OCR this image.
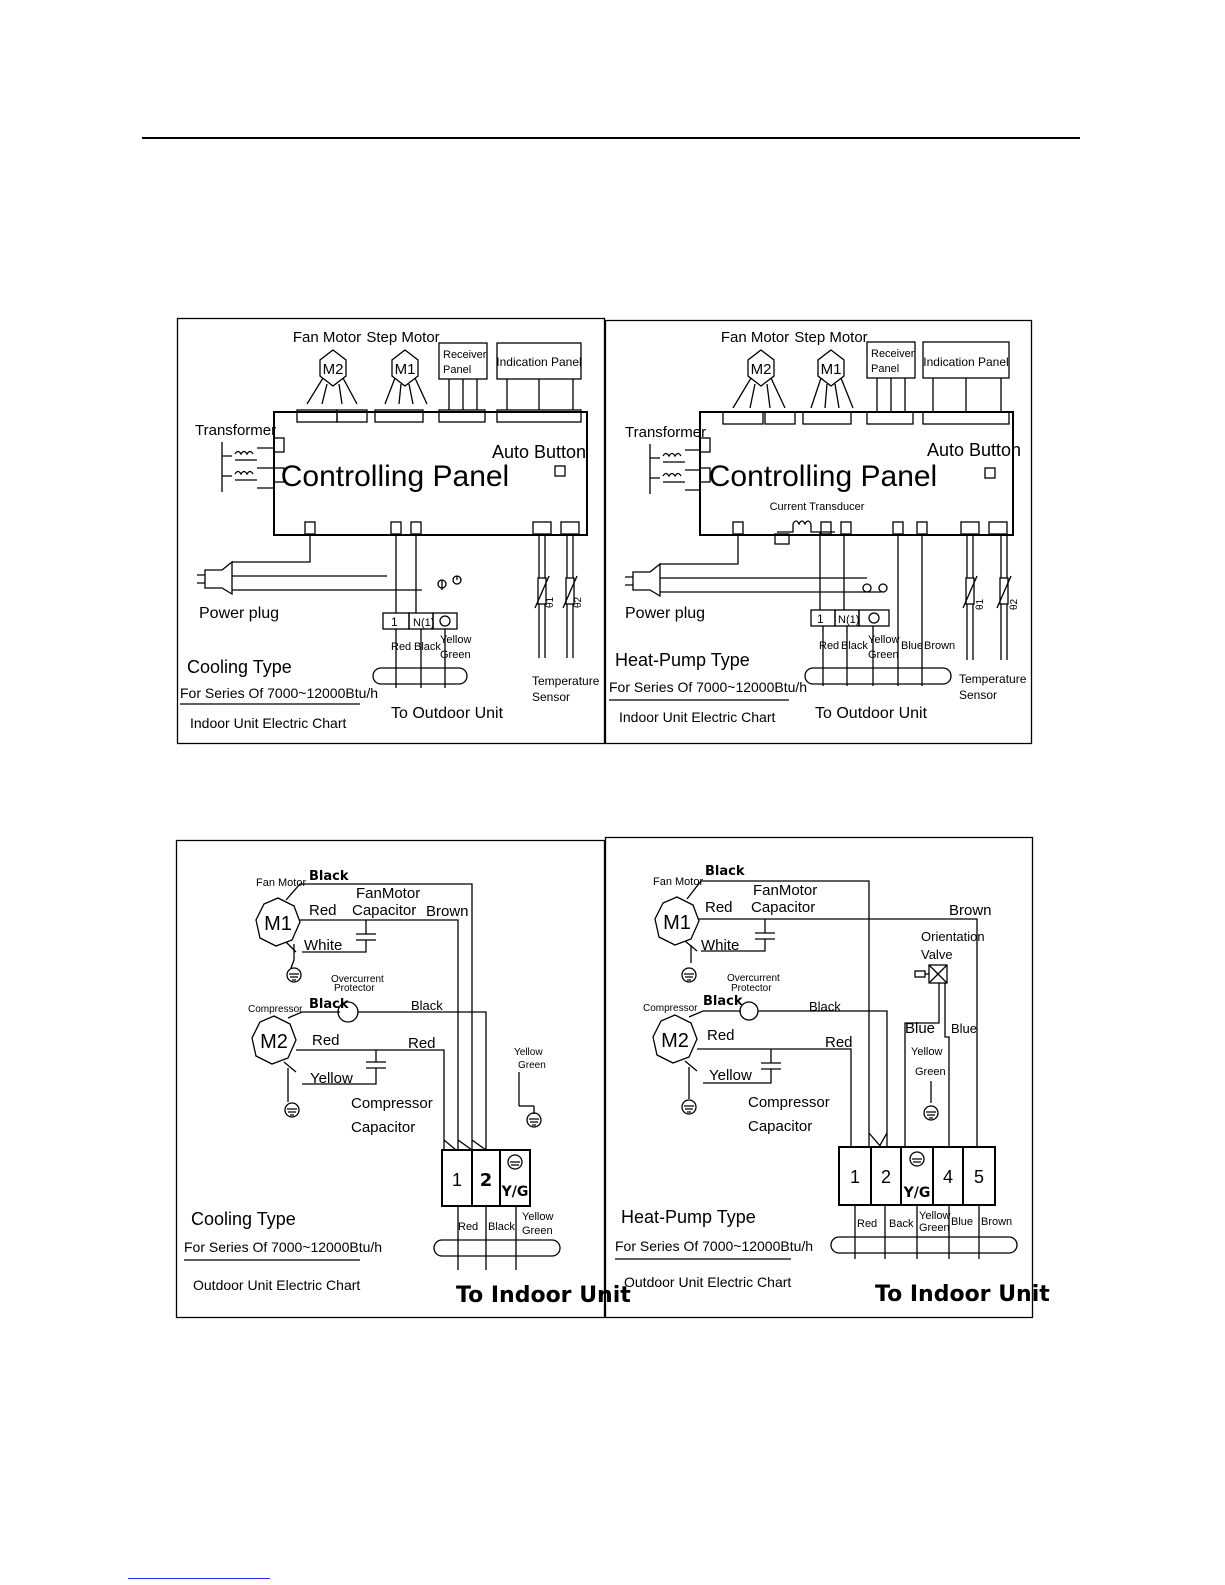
Fan Motor
M2
Step Motor
M1
Receiver
Panel
Indication Panel
Auto Button
Controlling Panel
Transformer
Power plug	1 N(1)
Red Black
Yellow
Green
To Outdoor Unit
θ1 θ2
Temperature
Sensor
Cooling Type
For Series Of 7000~12000Btu/h
Indoor Unit Electric Chart
Fan Motor
M2
Step Motor
M1
Receiver
Panel Indication Panel
Auto Button
Controlling Panel
Current Transducer
Transformer
Power plug	1 N(1)
Red Black Yellow
Green
Blue Brown
To Outdoor Unit
θ1 θ2
Temperature
Sensor
Heat-Pump Type
For Series Of 7000~12000Btu/h
Indoor Unit Electric Chart
Fan Motor
M1
Black
FanMotor
Capacitor
Red	Brown
White
Overcurrent
Protector
Compressor
M2
Black	Black
Red	Red
Yellow
Compressor
Capacitor
Yellow
Green
1 2
Y/G
Red Black
Yellow
Green
To Indoor Unit
Cooling Type
For Series Of 7000~12000Btu/h
Outdoor Unit Electric Chart
Fan Motor
M1
Black
FanMotor
Capacitor
Red	Brown
White
Orientation
Valve
Blue Blue
Overcurrent
Protector
Compressor
M2
Black	Black
Red	Red
Yellow
Compressor
Capacitor
Yellow
Green
1 2
Y/G
4 5
Red Back
Yellow
Green Blue Brown
To Indoor Unit
Heat-Pump Type
For Series Of 7000~12000Btu/h
Outdoor Unit Electric Chart
